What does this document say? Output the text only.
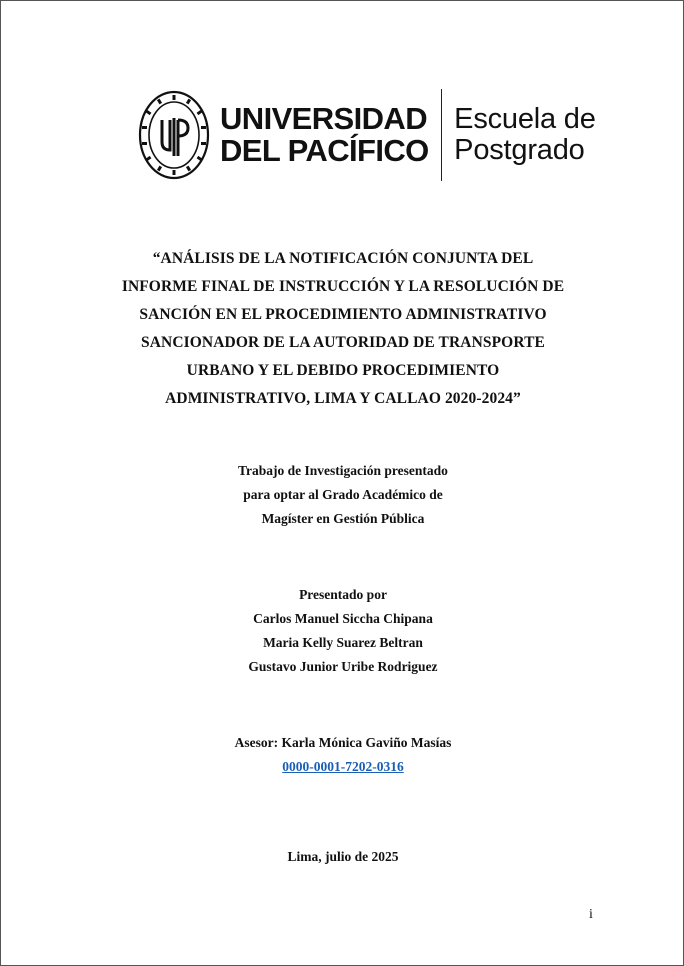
UNIVERSIDAD
DEL PACÍFICO
Escuela de
Postgrado
“ANÁLISIS DE LA NOTIFICACIÓN CONJUNTA DEL
INFORME FINAL DE INSTRUCCIÓN Y LA RESOLUCIÓN DE
SANCIÓN EN EL PROCEDIMIENTO ADMINISTRATIVO
SANCIONADOR DE LA AUTORIDAD DE TRANSPORTE
URBANO Y EL DEBIDO PROCEDIMIENTO
ADMINISTRATIVO, LIMA Y CALLAO 2020-2024”
Trabajo de Investigación presentado
para optar al Grado Académico de
Magíster en Gestión Pública
Presentado por
Carlos Manuel Siccha Chipana
Maria Kelly Suarez Beltran
Gustavo Junior Uribe Rodriguez
Asesor: Karla Mónica Gaviño Masías
0000-0001-7202-0316
Lima, julio de 2025
i
